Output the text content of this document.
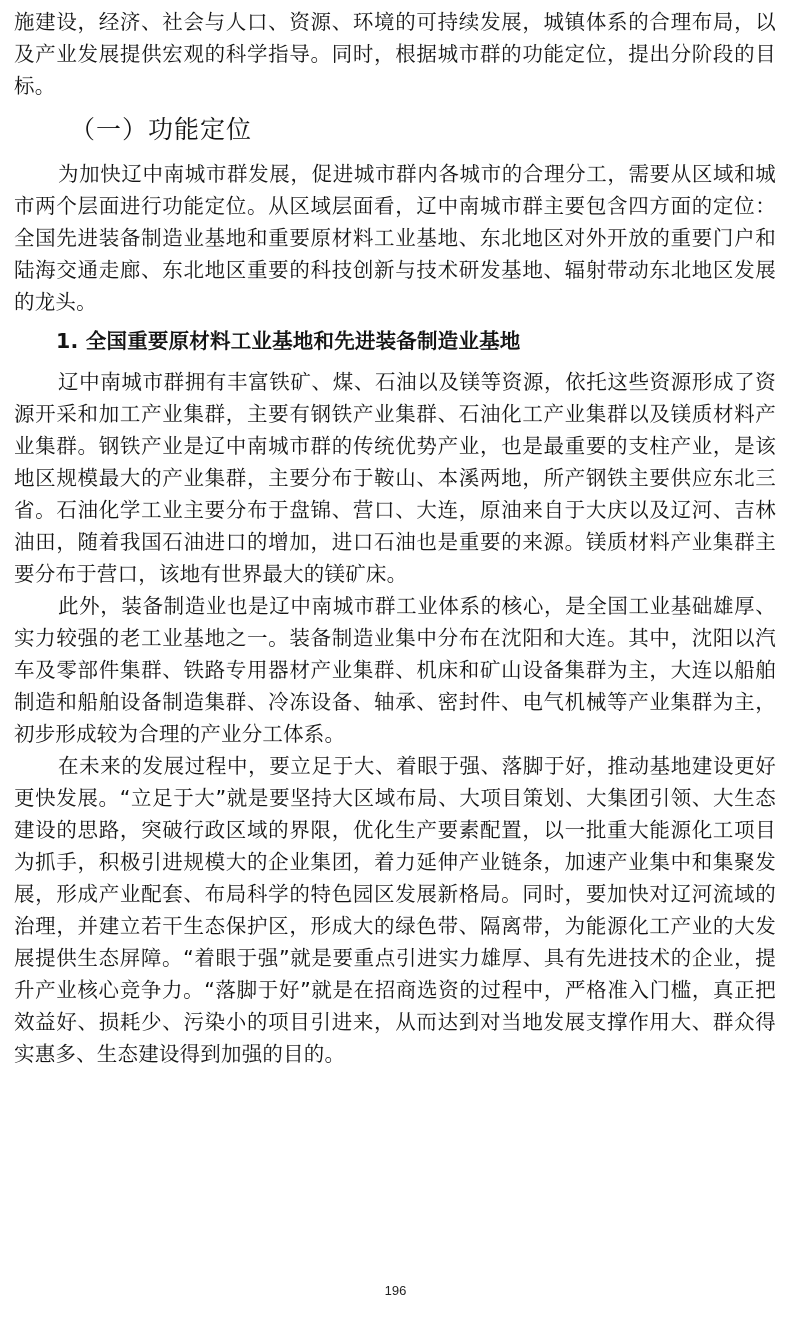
施建设，经济、社会与人口、资源、环境的可持续发展，城镇体系的合理布局，以及产业发展提供宏观的科学指导。同时，根据城市群的功能定位，提出分阶段的目标。

（一）功能定位

为加快辽中南城市群发展，促进城市群内各城市的合理分工，需要从区域和城市两个层面进行功能定位。从区域层面看，辽中南城市群主要包含四方面的定位：全国先进装备制造业基地和重要原材料工业基地、东北地区对外开放的重要门户和陆海交通走廊、东北地区重要的科技创新与技术研发基地、辐射带动东北地区发展的龙头。

1. 全国重要原材料工业基地和先进装备制造业基地

辽中南城市群拥有丰富铁矿、煤、石油以及镁等资源，依托这些资源形成了资源开采和加工产业集群，主要有钢铁产业集群、石油化工产业集群以及镁质材料产业集群。钢铁产业是辽中南城市群的传统优势产业，也是最重要的支柱产业，是该地区规模最大的产业集群，主要分布于鞍山、本溪两地，所产钢铁主要供应东北三省。石油化学工业主要分布于盘锦、营口、大连，原油来自于大庆以及辽河、吉林油田，随着我国石油进口的增加，进口石油也是重要的来源。镁质材料产业集群主要分布于营口，该地有世界最大的镁矿床。

此外，装备制造业也是辽中南城市群工业体系的核心，是全国工业基础雄厚、实力较强的老工业基地之一。装备制造业集中分布在沈阳和大连。其中，沈阳以汽车及零部件集群、铁路专用器材产业集群、机床和矿山设备集群为主，大连以船舶制造和船舶设备制造集群、冷冻设备、轴承、密封件、电气机械等产业集群为主，初步形成较为合理的产业分工体系。

在未来的发展过程中，要立足于大、着眼于强、落脚于好，推动基地建设更好更快发展。“立足于大”就是要坚持大区域布局、大项目策划、大集团引领、大生态建设的思路，突破行政区域的界限，优化生产要素配置，以一批重大能源化工项目为抓手，积极引进规模大的企业集团，着力延伸产业链条，加速产业集中和集聚发展，形成产业配套、布局科学的特色园区发展新格局。同时，要加快对辽河流域的治理，并建立若干生态保护区，形成大的绿色带、隔离带，为能源化工产业的大发展提供生态屏障。“着眼于强”就是要重点引进实力雄厚、具有先进技术的企业，提升产业核心竞争力。“落脚于好”就是在招商选资的过程中，严格准入门槛，真正把效益好、损耗少、污染小的项目引进来，从而达到对当地发展支撑作用大、群众得实惠多、生态建设得到加强的目的。

196
